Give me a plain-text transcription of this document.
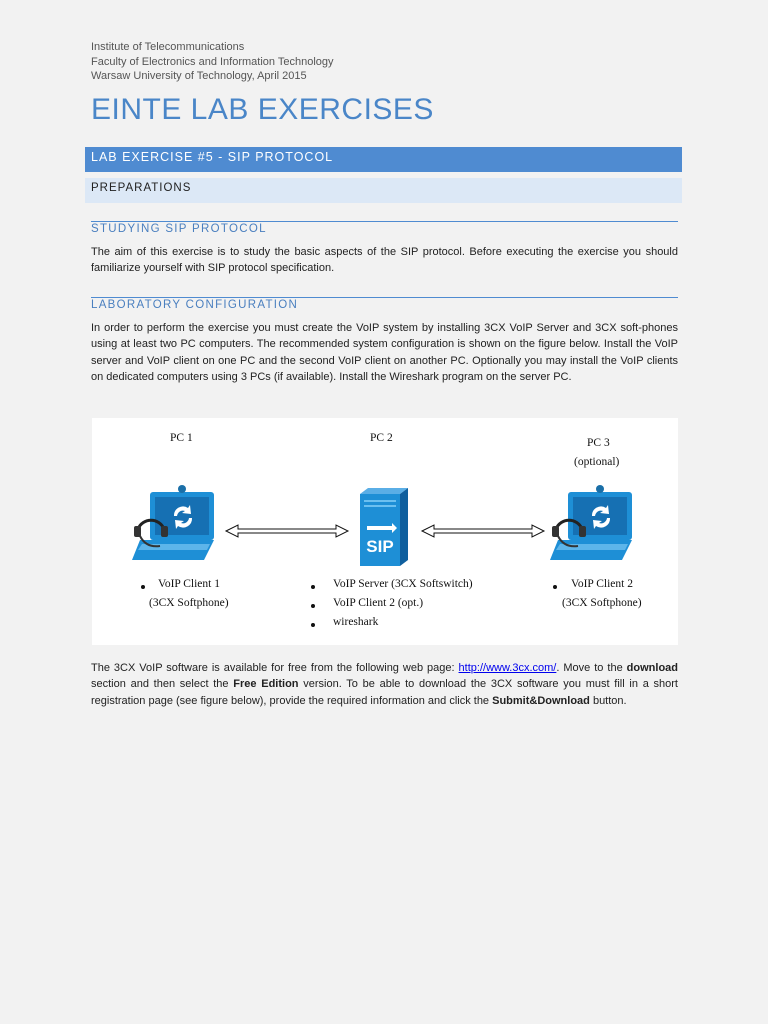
Institute of Telecommunications
Faculty of Electronics and Information Technology
Warsaw University of Technology, April 2015
EINTE LAB EXERCISES
LAB EXERCISE #5 - SIP PROTOCOL
PREPARATIONS
STUDYING SIP PROTOCOL
The aim of this exercise is to study the basic aspects of the SIP protocol. Before executing the exercise you should familiarize yourself with SIP protocol specification.
LABORATORY CONFIGURATION
In order to perform the exercise you must create the VoIP system by installing 3CX VoIP Server and 3CX soft-phones using at least two PC computers. The recommended system configuration is shown on the figure below. Install the VoIP server and VoIP client on one PC and the second VoIP client on another PC. Optionally you may install the VoIP clients on dedicated computers using 3 PCs (if available). Install the Wireshark program on the server PC.
PC 1	PC 2	PC 3
(optional)
SIP
VoIP Client 1
(3CX Softphone)
VoIP Server (3CX Softswitch)
VoIP Client 2 (opt.)
wireshark
VoIP Client 2
(3CX Softphone)
The 3CX VoIP software is available for free from the following web page: http://www.3cx.com/. Move to the download section and then select the Free Edition version. To be able to download the 3CX software you must fill in a short registration page (see figure below), provide the required information and click the Submit&Download button.
